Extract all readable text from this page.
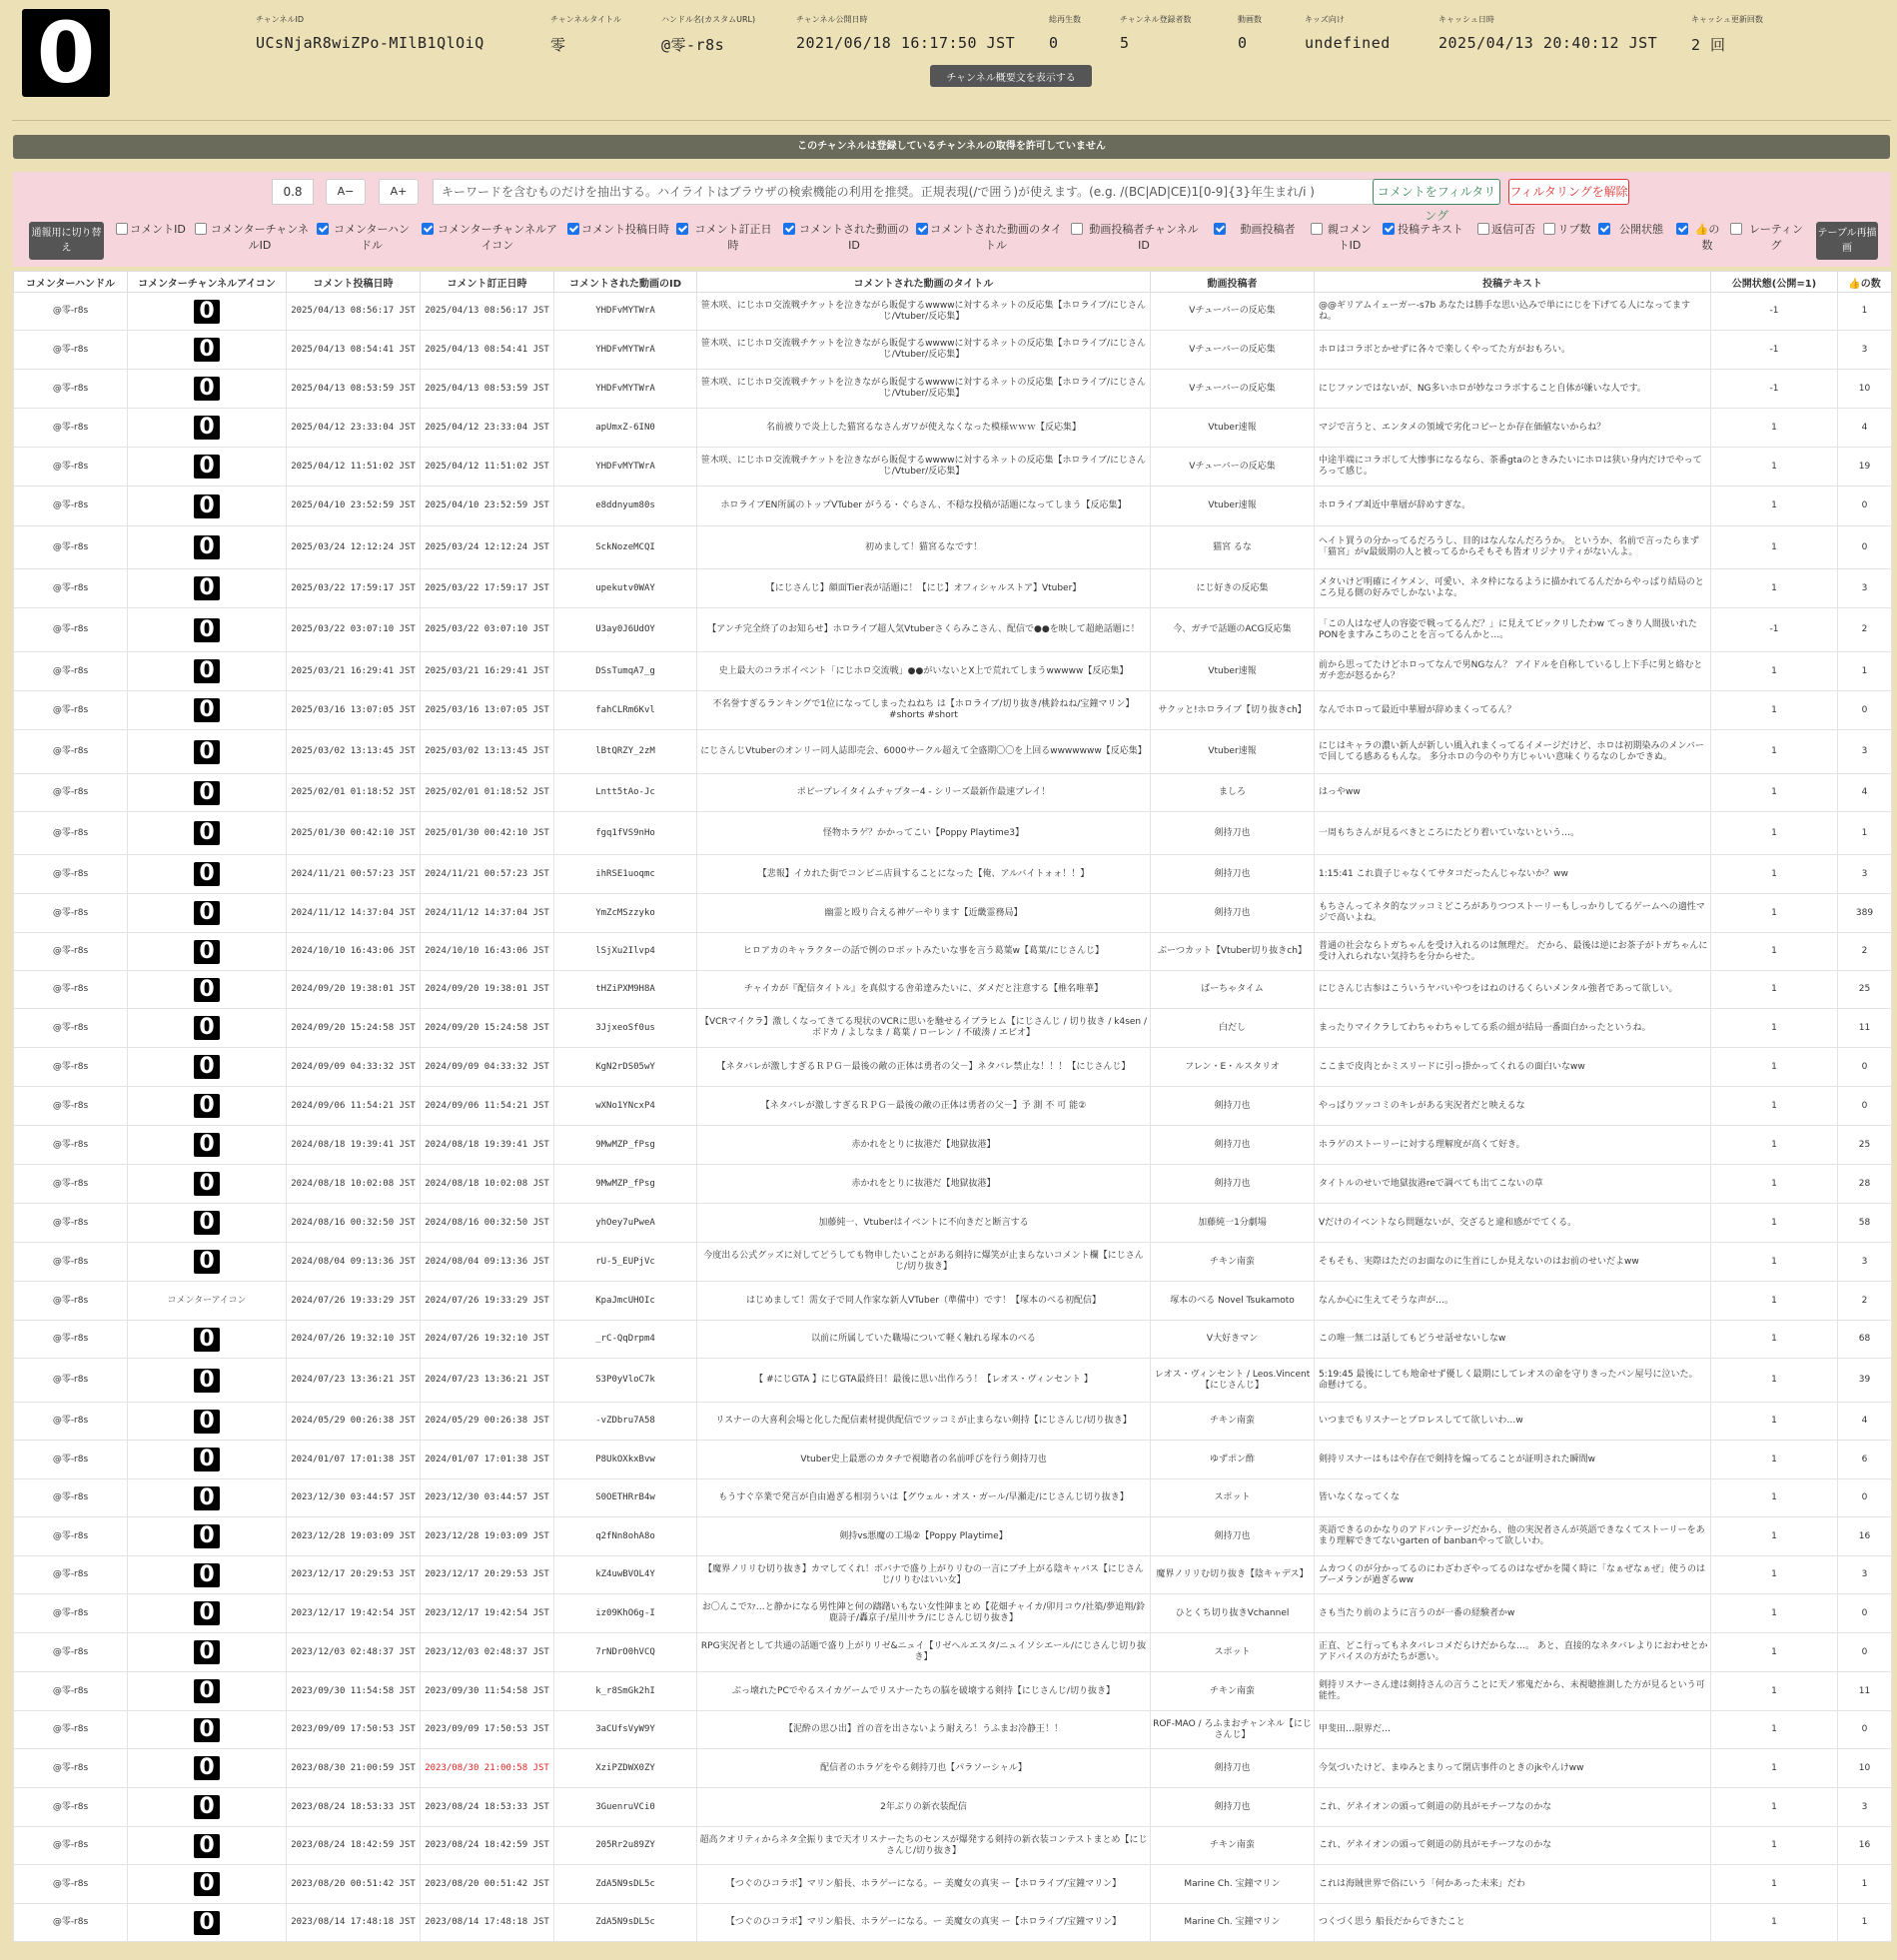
0	チャンネルID
UCsNjaR8wiZPo-MIlB1QlOiQ
チャンネルタイトル
零
ハンドル名(カスタムURL)
@零-r8s
チャンネル公開日時
2021/06/18 16:17:50 JST
総再生数
0
チャンネル登録者数
5
動画数
0
キッズ向け
undefined
キャッシュ日時
2025/04/13 20:40:12 JST
キャッシュ更新回数
2 回
チャンネル概要文を表示する
このチャンネルは登録しているチャンネルの取得を許可していません
0.8	A−	A+	キーワードを含むものだけを抽出する。ハイライトはブラウザの検索機能の利用を推奨。正規表現(/で囲う)が使えます。(e.g. /(BC|AD|CE)1[0-9]{3}年生まれ/i )	コメントをフィルタリング
フィルタリングを解除
通報用に切り替え
コメントID	コメンターチャンネルID
コメンターハンドル
コメンターチャンネルアイコン
コメント投稿日時	コメント訂正日時
コメントされた動画のID
コメントされた動画のタイトル
動画投稿者チャンネルID
動画投稿者	親コメントID
投稿テキスト	返信可否	リプ数	公開状態	👍の数
レーティング
テーブル再描画
コメンターハンドル	コメンターチャンネルアイコン	コメント投稿日時	コメント訂正日時	コメントされた動画のID	コメントされた動画のタイトル	動画投稿者	投稿テキスト	公開状態(公開=1)	👍の数
@零-r8s	0	2025/04/13 08:56:17 JST	2025/04/13 08:56:17 JST	YHDFvMYTWrA	笹木咲、にじホロ交流戦チケットを泣きながら販促するwwwwに対するネットの反応集【ホロライブ/にじさんじ/Vtuber/反応集】	Vチューバーの反応集	@@ギリアムイェーガー-s7b あなたは勝手な思い込みで単ににじを下げてる人になってますね。	-1	1
@零-r8s	0	2025/04/13 08:54:41 JST	2025/04/13 08:54:41 JST	YHDFvMYTWrA	笹木咲、にじホロ交流戦チケットを泣きながら販促するwwwwに対するネットの反応集【ホロライブ/にじさんじ/Vtuber/反応集】	Vチューバーの反応集	ホロはコラボとかせずに各々で楽しくやってた方がおもろい。	-1	3
@零-r8s	0	2025/04/13 08:53:59 JST	2025/04/13 08:53:59 JST	YHDFvMYTWrA	笹木咲、にじホロ交流戦チケットを泣きながら販促するwwwwに対するネットの反応集【ホロライブ/にじさんじ/Vtuber/反応集】	Vチューバーの反応集	にじファンではないが、NG多いホロが妙なコラボすること自体が嫌いな人です。	-1	10
@零-r8s	0	2025/04/12 23:33:04 JST	2025/04/12 23:33:04 JST	apUmxZ-6IN0	名前被りで炎上した猫宮るなさんガワが使えなくなった模様ｗｗｗ【反応集】	Vtuber速報	マジで言うと、エンタメの領域で劣化コピーとか存在価値ないからね？	1	4
@零-r8s	0	2025/04/12 11:51:02 JST	2025/04/12 11:51:02 JST	YHDFvMYTWrA	笹木咲、にじホロ交流戦チケットを泣きながら販促するwwwwに対するネットの反応集【ホロライブ/にじさんじ/Vtuber/反応集】	Vチューバーの反応集	中途半端にコラボして大惨事になるなら、茶番gtaのときみたいにホロは狭い身内だけでやってろって感じ。	1	19
@零-r8s	0	2025/04/10 23:52:59 JST	2025/04/10 23:52:59 JST	e8ddnyum80s	ホロライブEN所属のトップVTuber がうる・ぐらさん、不穏な投稿が話題になってしまう【反応集】	Vtuber速報	ホロライブ최近中華層が辞めすぎな。	1	0
@零-r8s	0	2025/03/24 12:12:24 JST	2025/03/24 12:12:24 JST	SckNozeMCQI	初めまして！猫宮るなです！	猫宮 るな	ヘイト買うの分かってるだろうし、目的はなんなんだろうか。 というか、名前で言ったらまず「猫宮」がv最級期の人と被ってるからそもそも皆オリジナリティがないんよ。	1	0
@零-r8s	0	2025/03/22 17:59:17 JST	2025/03/22 17:59:17 JST	upekutv0WAY	【にじさんじ】顔面Tier表が話題に！【にじ】オフィシャルストア】Vtuber】	にじ好きの反応集	メタいけど明確にイケメン、可愛い、ネタ枠になるように描かれてるんだからやっぱり結局のところ見る側の好みでしかないよな。	1	3
@零-r8s	0	2025/03/22 03:07:10 JST	2025/03/22 03:07:10 JST	U3ay0J6UdOY	【アンチ完全終了のお知らせ】ホロライブ超人気Vtuberさくらみこさん、配信で●●を映して超絶話題に！	今、ガチで話題のACG反応集	「この人はなぜ人の容姿で戦ってるんだ？」に見えてビックリしたわw てっきり人間扱いれたPONをますみこちのことを言ってるんかと…。	-1	2
@零-r8s	0	2025/03/21 16:29:41 JST	2025/03/21 16:29:41 JST	DSsTumqA7_g	史上最大のコラボイベント「にじホロ交流戦」●●がいないとX上で荒れてしまうwwwww【反応集】	Vtuber速報	前から思ってたけどホロってなんで男NGなん？ アイドルを自称しているし上下手に男と絡むとガチ恋が怒るから？	1	1
@零-r8s	0	2025/03/16 13:07:05 JST	2025/03/16 13:07:05 JST	fahCLRm6Kvl	不名誉すぎるランキングで1位になってしまったねねち は【ホロライブ/切り抜き/桃鈴ねね/宝鐘マリン】#shorts #short	サクッと!ホロライブ【切り抜きch】	なんでホロって最近中華層が辞めまくってるん？	1	0
@零-r8s	0	2025/03/02 13:13:45 JST	2025/03/02 13:13:45 JST	lBtQRZY_2zM	にじさんじVtuberのオンリー同人誌即売会、6000サークル超えて全盛期〇〇を上回るwwwwwww【反応集】	Vtuber速報	にじはキャラの濃い新人が新しい風入れまくってるイメージだけど、ホロは初期染みのメンバーで回してる感あるもんな。 多分ホロの今のやり方じゃいい意味くりるなのしかできぬ。	1	3
@零-r8s	0	2025/02/01 01:18:52 JST	2025/02/01 01:18:52 JST	Lntt5tAo-Jc	ポピープレイタイムチャプター4 - シリーズ最新作最速プレイ！	ましろ	はっやww	1	4
@零-r8s	0	2025/01/30 00:42:10 JST	2025/01/30 00:42:10 JST	fgq1fVS9nHo	怪物ホラゲ？かかってこい【Poppy Playtime3】	剣持刀也	一周もちさんが見るべきところにたどり着いていないという…。	1	1
@零-r8s	0	2024/11/21 00:57:23 JST	2024/11/21 00:57:23 JST	ihRSE1uoqmc	【悲報】イカれた街でコンビニ店員することになった【俺、アルバイトォォ！！】	剣持刀也	1:15:41 これ貴子じゃなくてサタコだったんじゃないか？ww	1	3
@零-r8s	0	2024/11/12 14:37:04 JST	2024/11/12 14:37:04 JST	YmZcMSzzyko	幽霊と殴り合える神ゲーやります【近畿霊務局】	剣持刀也	もちさんってネタ的なツッコミどころがありつつストーリーもしっかりしてるゲームへの適性マジで高いよね。	1	389
@零-r8s	0	2024/10/10 16:43:06 JST	2024/10/10 16:43:06 JST	lSjXu2Ilvp4	ヒロアカのキャラクターの話で例のロボットみたいな事を言う葛葉w【葛葉/にじさんじ】	ぶーつカット【Vtuber切り抜きch】	普通の社会ならトガちゃんを受け入れるのは無理だ。 だから、最後は逆にお茶子がトガちゃんに受け入れられない気持ちを分からせた。	1	2
@零-r8s	0	2024/09/20 19:38:01 JST	2024/09/20 19:38:01 JST	tHZiPXM9H8A	チャイカが『配信タイトル』を真似する舎弟達みたいに、ダメだと注意する【椎名唯華】	ぱーちゃタイム	にじさんじ古参はこういうヤバいやつをはねのけるくらいメンタル強者であって欲しい。	1	25
@零-r8s	0	2024/09/20 15:24:58 JST	2024/09/20 15:24:58 JST	3JjxeoSf0us	【VCRマイクラ】激しくなってきてる現状のVCRに思いを馳せるイブラヒム【にじさんじ / 切り抜き / k4sen / ボドカ / よしなま / 葛葉 / ローレン / 不破湊 / エビオ】	白だし	まったりマイクラしてわちゃわちゃしてる系の組が結局一番面白かったというね。	1	11
@零-r8s	0	2024/09/09 04:33:32 JST	2024/09/09 04:33:32 JST	KgN2rDS05wY	【ネタバレが激しすぎるＲＰＧ－最後の敵の正体は勇者の父－】ネタバレ禁止な！！！【にじさんじ】	フレン・E・ルスタリオ	ここまで皮肉とかミスリードに引っ掛かってくれるの面白いなww	1	0
@零-r8s	0	2024/09/06 11:54:21 JST	2024/09/06 11:54:21 JST	wXNo1YNcxP4	【ネタバレが激しすぎるＲＰＧ－最後の敵の正体は勇者の父－】予 測 不 可 能②	剣持刀也	やっぱりツッコミのキレがある実況者だと映えるな	1	0
@零-r8s	0	2024/08/18 19:39:41 JST	2024/08/18 19:39:41 JST	9MwMZP_fPsg	赤かれをとりに抜港だ【地獄抜港】	剣持刀也	ホラゲのストーリーに対する理解度が高くて好き。	1	25
@零-r8s	0	2024/08/18 10:02:08 JST	2024/08/18 10:02:08 JST	9MwMZP_fPsg	赤かれをとりに抜港だ【地獄抜港】	剣持刀也	タイトルのせいで地獄抜港reで調べても出てこないの草	1	28
@零-r8s	0	2024/08/16 00:32:50 JST	2024/08/16 00:32:50 JST	yhOey7uPweA	加藤純一、Vtuberはイベントに不向きだと断言する	加藤純一1分劇場	Vだけのイベントなら問題ないが、交ざると違和感がでてくる。	1	58
@零-r8s	0	2024/08/04 09:13:36 JST	2024/08/04 09:13:36 JST	rU-5_EUPjVc	今度出る公式グッズに対してどうしても物申したいことがある剣持に爆笑が止まらないコメント欄【にじさんじ/切り抜き】	チキン南蛮	そもそも、実際はただのお面なのに生首にしか見えないのはお前のせいだよww	1	3
@零-r8s	コメンターアイコン	2024/07/26 19:33:29 JST	2024/07/26 19:33:29 JST	KpaJmcUHOIc	はじめまして！需女子で同人作家な新人VTuber（準備中）です！【塚本のべる初配信】	塚本のべる Novel Tsukamoto	なんか心に生えてそうな声が…。	1	2
@零-r8s	0	2024/07/26 19:32:10 JST	2024/07/26 19:32:10 JST	_rC-QqDrpm4	以前に所属していた職場について軽く触れる塚本のべる	V大好きマン	この唯一無二は話してもどうせ話せないしなw	1	68
@零-r8s	0	2024/07/23 13:36:21 JST	2024/07/23 13:36:21 JST	S3P0yVloC7k	【 #にじGTA 】にじGTA最終日！最後に思い出作ろう！【レオス・ヴィンセント 】	レオス・ヴィンセント / Leos.Vincent【にじさんじ】	5:19:45 最後にしても地命せず優しく最期にしてレオスの命を守りきったパン屋号に泣いた。 命懸けてる。	1	39
@零-r8s	0	2024/05/29 00:26:38 JST	2024/05/29 00:26:38 JST	-vZDbru7A58	リスナーの大喜利会場と化した配信素材提供配信でツッコミが止まらない剣持【にじさんじ/切り抜き】	チキン南蛮	いつまでもリスナーとプロレスしてて欲しいわ…w	1	4
@零-r8s	0	2024/01/07 17:01:38 JST	2024/01/07 17:01:38 JST	P8UkOXkxBvw	Vtuber史上最悪のカタチで視聴者の名前呼びを行う剣持刀也	ゆずポン酢	剣持リスナーはもはや存在で剣持を煽ってることが証明された瞬間w	1	6
@零-r8s	0	2023/12/30 03:44:57 JST	2023/12/30 03:44:57 JST	S0OETHRrB4w	もうすぐ卒業で発言が自由過ぎる相羽ういは【グウェル・オス・ガール/早瀬走/にじさんじ切り抜き】	スポット	皆いなくなってくな	1	0
@零-r8s	0	2023/12/28 19:03:09 JST	2023/12/28 19:03:09 JST	q2fNn8ohA8o	剣持vs悪魔の工場②【Poppy Playtime】	剣持刀也	英語できるのかなりのアドバンテージだから、他の実況者さんが英語できなくてストーリーをあまり理解できてないgarten of banbanやって欲しいわ。	1	16
@零-r8s	0	2023/12/17 20:29:53 JST	2023/12/17 20:29:53 JST	kZ4uwBVOL4Y	【魔界ノリリむ切り抜き】カマしてくれ！ボバナで盛り上がりリむの一言にブチ上がる陰キャバス【にじさんじ/リりむはいい女】	魔界ノリリむ切り抜き【陰キャデス】	ムカつくのが分かってるのにわざわざやってるのはなぜかを聞く時に「なぁぜなぁぜ」使うのはブーメランが過ぎるww	1	3
@零-r8s	0	2023/12/17 19:42:54 JST	2023/12/17 19:42:54 JST	iz09KhO6g-I	お〇んこでｽｧ…と静かになる男性陣と何の躊躇いもない女性陣まとめ【花畑チャイカ/卯月コウ/社築/夢追翔/鈴鹿詩子/轟京子/星川サラ/にじさんじ切り抜き】	ひとくち切り抜きVchannel	さも当たり前のように言うのが一番の経験者かw	1	0
@零-r8s	0	2023/12/03 02:48:37 JST	2023/12/03 02:48:37 JST	7rNDrO0hVCQ	RPG実況者として共通の話題で盛り上がりリゼ&ニュイ【リゼヘルエスタ/ニュイソシエール/にじさんじ切り抜き】	スポット	正直、どこ行ってもネタバレコメだらけだからな…。 あと、直接的なネタバレよりにおわせとかアドバイスの方がたちが悪い。	1	0
@零-r8s	0	2023/09/30 11:54:58 JST	2023/09/30 11:54:58 JST	k_r8SmGk2hI	ぶっ壊れたPCでやるスイカゲームでリスナーたちの脳を破壊する剣持【にじさんじ/切り抜き】	チキン南蛮	剣持リスナーさん達は剣持さんの言うことに天ノ邪鬼だから、未視聴推測した方が見るという可能性。	1	11
@零-r8s	0	2023/09/09 17:50:53 JST	2023/09/09 17:50:53 JST	3aCUfsVyW9Y	【泥酔の思ひ出】首の音を出さないよう耐えろ！うふまお冷静王！！	ROF-MAO / ろふまおチャンネル【にじさんじ】	甲斐田…限界だ…	1	0
@零-r8s	0	2023/08/30 21:00:59 JST	2023/08/30 21:00:58 JST	XziPZDWX0ZY	配信者のホラゲをやる剣持刀也【パラソーシャル】	剣持刀也	今気づいたけど、まゆみとまりって閉店事件のときのjkやんけww	1	10
@零-r8s	0	2023/08/24 18:53:33 JST	2023/08/24 18:53:33 JST	3GuenruVCi0	2年ぶりの新衣装配信	剣持刀也	これ、ゲネイオンの頭って剣道の防具がモチーフなのかな	1	3
@零-r8s	0	2023/08/24 18:42:59 JST	2023/08/24 18:42:59 JST	205Rr2u89ZY	超高クオリティからネタ全振りまで天才リスナーたちのセンスが爆発する剣持の新衣装コンテストまとめ【にじさんじ/切り抜き】	チキン南蛮	これ、ゲネイオンの頭って剣道の防具がモチーフなのかな	1	16
@零-r8s	0	2023/08/20 00:51:42 JST	2023/08/20 00:51:42 JST	ZdA5N9sDL5c	【つぐのひコラボ】マリン船長、ホラゲーになる。ー 美魔女の真実 ー【ホロライブ/宝鐘マリン】	Marine Ch. 宝鐘マリン	これは海賊世界で俗にいう「何かあった未来」だわ	1	1
@零-r8s	0	2023/08/14 17:48:18 JST	2023/08/14 17:48:18 JST	ZdA5N9sDL5c	【つぐのひコラボ】マリン船長、ホラゲーになる。ー 美魔女の真実 ー【ホロライブ/宝鐘マリン】	Marine Ch. 宝鐘マリン	つくづく思う 船長だからできたこと	1	1
